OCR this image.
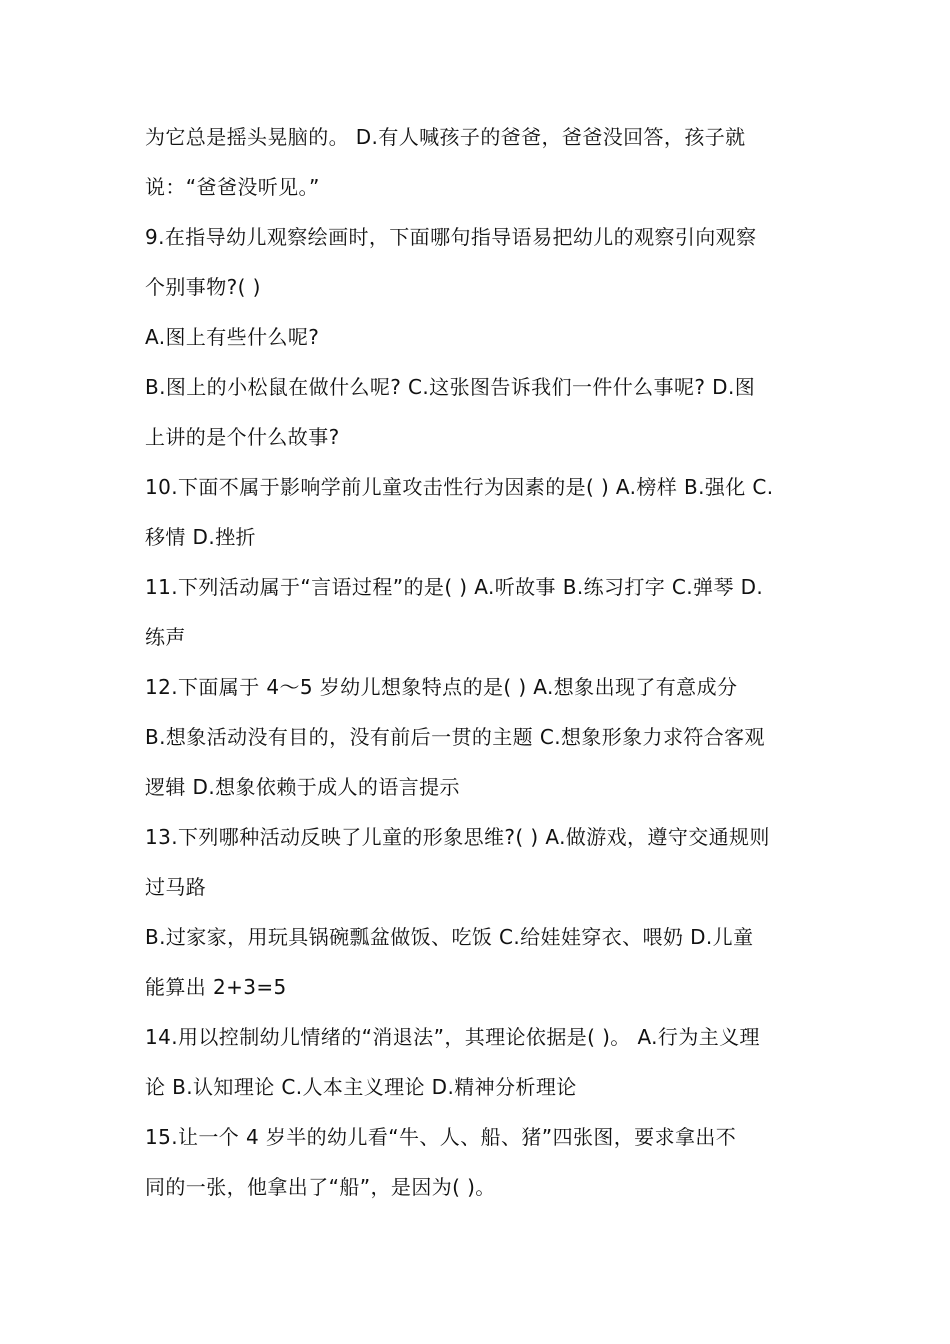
为它总是摇头晃脑的。 D.有人喊孩子的爸爸，爸爸没回答，孩子就
说：“爸爸没听见。”
9.在指导幼儿观察绘画时，下面哪句指导语易把幼儿的观察引向观察
个别事物?( )
A.图上有些什么呢?
B.图上的小松鼠在做什么呢? C.这张图告诉我们一件什么事呢? D.图
上讲的是个什么故事?
10.下面不属于影响学前儿童攻击性行为因素的是( ) A.榜样 B.强化 C.
移情 D.挫折
11.下列活动属于“言语过程”的是( ) A.听故事 B.练习打字 C.弹琴 D.
练声
12.下面属于 4～5 岁幼儿想象特点的是( ) A.想象出现了有意成分
B.想象活动没有目的，没有前后一贯的主题 C.想象形象力求符合客观
逻辑 D.想象依赖于成人的语言提示
13.下列哪种活动反映了儿童的形象思维?( ) A.做游戏，遵守交通规则
过马路
B.过家家，用玩具锅碗瓢盆做饭、吃饭 C.给娃娃穿衣、喂奶 D.儿童
能算出 2+3=5
14.用以控制幼儿情绪的“消退法”，其理论依据是( )。 A.行为主义理
论 B.认知理论 C.人本主义理论 D.精神分析理论
15.让一个 4 岁半的幼儿看“牛、人、船、猪”四张图，要求拿出不
同的一张，他拿出了“船”，是因为( )。
